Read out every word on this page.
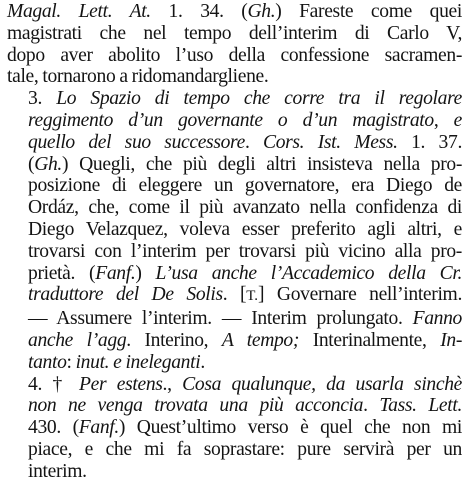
Magal. Lett. At. 1. 34. (Gh.) Fareste come quei
magistrati che nel tempo dell’interim di Carlo V,
dopo aver abolito l’uso della confessione sacramen-
tale, tornarono a ridomandargliene.
3. Lo Spazio di tempo che corre tra il regolare
reggimento d’un governante o d’un magistrato, e
quello del suo successore. Cors. Ist. Mess. 1. 37.
(Gh.) Quegli, che più degli altri insisteva nella pro-
posizione di eleggere un governatore, era Diego de
Ordáz, che, come il più avanzato nella confidenza di
Diego Velazquez, voleva esser preferito agli altri, e
trovarsi con l’interim per trovarsi più vicino alla pro-
prietà. (Fanf.) L’usa anche l’Accademico della Cr.
traduttore del De Solis. [T.] Governare nell’interim.
— Assumere l’interim. — Interim prolungato. Fanno
anche l’agg. Interino, A tempo; Interinalmente, In-
tanto: inut. e ineleganti.
4. † Per estens., Cosa qualunque, da usarla sinchè
non ne venga trovata una più acconcia. Tass. Lett.
430. (Fanf.) Quest’ultimo verso è quel che non mi
piace, e che mi fa soprastare: pure servirà per un
interim.
